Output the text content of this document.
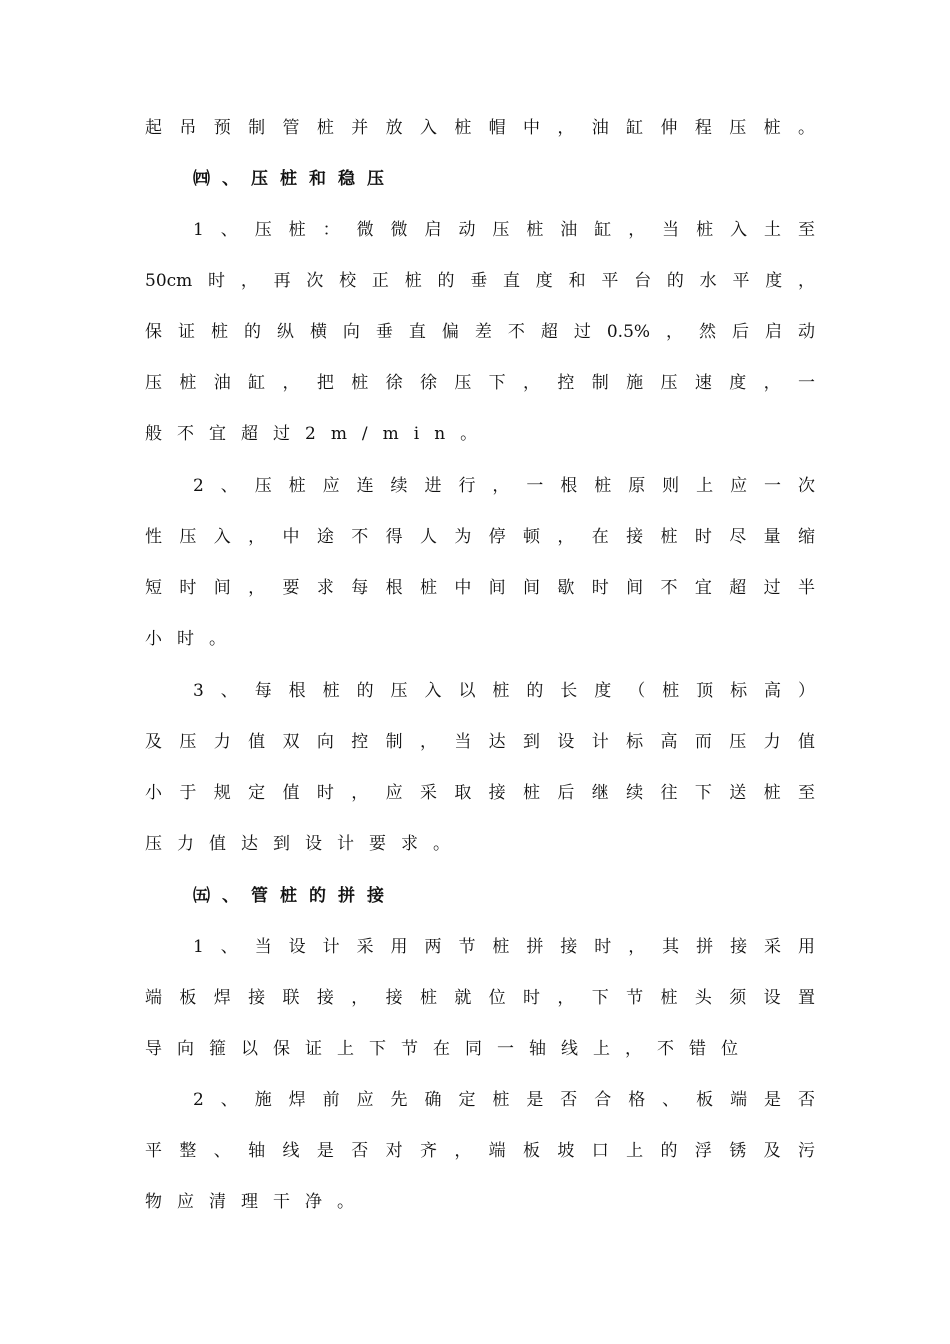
起吊预制管桩并放入桩帽中，油缸伸程压桩。
㈣、压桩和稳压
1、压桩：微微启动压桩油缸，当桩入土至
50cm时，再次校正桩的垂直度和平台的水平度，
保证桩的纵横向垂直偏差不超过0.5%，然后启动
压桩油缸，把桩徐徐压下，控制施压速度，一
般不宜超过2m/min。
2、压桩应连续进行，一根桩原则上应一次
性压入，中途不得人为停顿，在接桩时尽量缩
短时间，要求每根桩中间间歇时间不宜超过半
小时。
3、每根桩的压入以桩的长度（桩顶标高）
及压力值双向控制，当达到设计标高而压力值
小于规定值时，应采取接桩后继续往下送桩至
压力值达到设计要求。
㈤、管桩的拼接
1、当设计采用两节桩拼接时，其拼接采用
端板焊接联接，接桩就位时，下节桩头须设置
导向箍以保证上下节在同一轴线上，不错位
2、施焊前应先确定桩是否合格、板端是否
平整、轴线是否对齐，端板坡口上的浮锈及污
物应清理干净。
